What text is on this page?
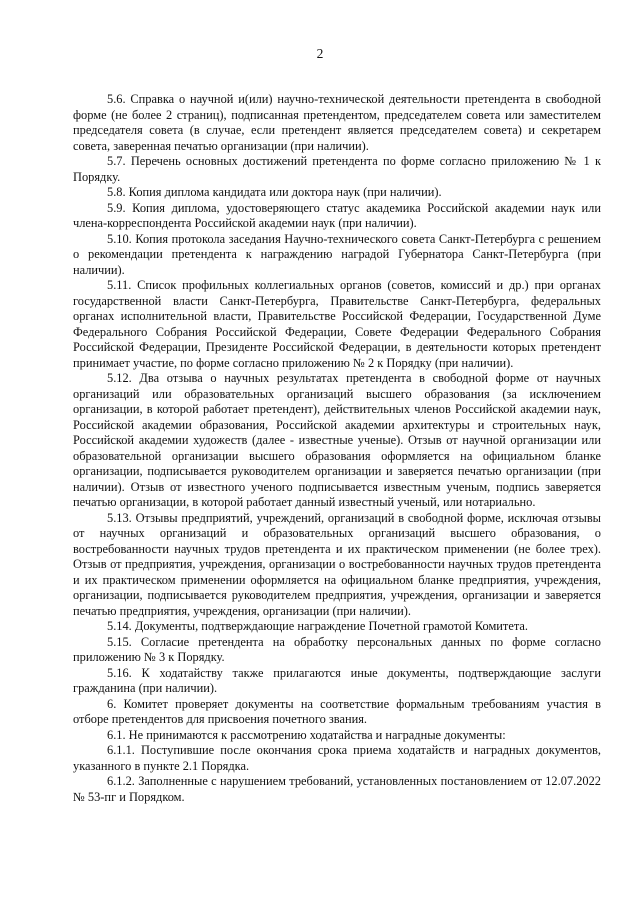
2

5.6. Справка о научной и(или) научно-технической деятельности претендента в свободной форме (не более 2 страниц), подписанная претендентом, председателем совета или заместителем председателя совета (в случае, если претендент является председателем совета) и секретарем совета, заверенная печатью организации (при наличии).

5.7. Перечень основных достижений претендента по форме согласно приложению № 1 к Порядку.

5.8. Копия диплома кандидата или доктора наук (при наличии).

5.9. Копия диплома, удостоверяющего статус академика Российской академии наук или члена-корреспондента Российской академии наук (при наличии).

5.10. Копия протокола заседания Научно-технического совета Санкт-Петербурга с решением о рекомендации претендента к награждению наградой Губернатора Санкт-Петербурга (при наличии).

5.11. Список профильных коллегиальных органов (советов, комиссий и др.) при органах государственной власти Санкт-Петербурга, Правительстве Санкт-Петербурга, федеральных органах исполнительной власти, Правительстве Российской Федерации, Государственной Думе Федерального Собрания Российской Федерации, Совете Федерации Федерального Собрания Российской Федерации, Президенте Российской Федерации, в деятельности которых претендент принимает участие, по форме согласно приложению № 2 к Порядку (при наличии).

5.12. Два отзыва о научных результатах претендента в свободной форме от научных организаций или образовательных организаций высшего образования (за исключением организации, в которой работает претендент), действительных членов Российской академии наук, Российской академии образования, Российской академии архитектуры и строительных наук, Российской академии художеств (далее - известные ученые). Отзыв от научной организации или образовательной организации высшего образования оформляется на официальном бланке организации, подписывается руководителем организации и заверяется печатью организации (при наличии). Отзыв от известного ученого подписывается известным ученым, подпись заверяется печатью организации, в которой работает данный известный ученый, или нотариально.

5.13. Отзывы предприятий, учреждений, организаций в свободной форме, исключая отзывы от научных организаций и образовательных организаций высшего образования, о востребованности научных трудов претендента и их практическом применении (не более трех). Отзыв от предприятия, учреждения, организации о востребованности научных трудов претендента и их практическом применении оформляется на официальном бланке предприятия, учреждения, организации, подписывается руководителем предприятия, учреждения, организации и заверяется печатью предприятия, учреждения, организации (при наличии).

5.14. Документы, подтверждающие награждение Почетной грамотой Комитета.

5.15. Согласие претендента на обработку персональных данных по форме согласно приложению № 3 к Порядку.

5.16. К ходатайству также прилагаются иные документы, подтверждающие заслуги гражданина (при наличии).

6. Комитет проверяет документы на соответствие формальным требованиям участия в отборе претендентов для присвоения почетного звания.

6.1. Не принимаются к рассмотрению ходатайства и наградные документы:

6.1.1. Поступившие после окончания срока приема ходатайств и наградных документов, указанного в пункте 2.1 Порядка.

6.1.2. Заполненные с нарушением требований, установленных постановлением от 12.07.2022 № 53-пг и Порядком.
